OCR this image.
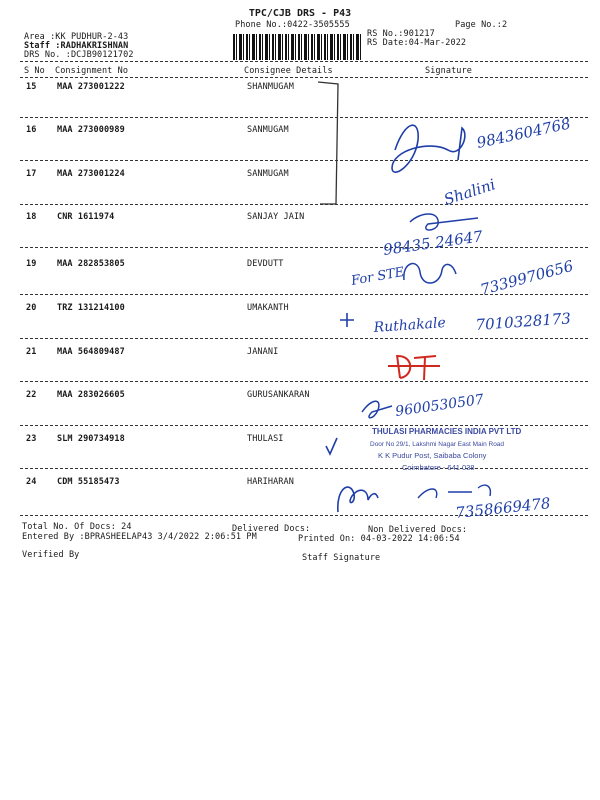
TPC/CJB DRS - P43
Phone No.:0422-3505555	Page No.:2
Area :KK PUDHUR-2-43
Staff :RADHAKRISHNAN
DRS No. :DCJB90121702
RS No.:901217
RS Date:04-Mar-2022
S No Consignment No	Consignee Details	Signature
15 MAA 273001222	SHANMUGAM
16 MAA 273000989	SANMUGAM
17 MAA 273001224	SANMUGAM
18 CNR 1611974	SANJAY JAIN
19 MAA 282853805	DEVDUTT
20 TRZ 131214100	UMAKANTH
21 MAA 564809487	JANANI
22 MAA 283026605	GURUSANKARAN
23 SLM 290734918	THULASI
24 CDM 55185473	HARIHARAN
Total No. Of Docs: 24	Delivered Docs:	Non Delivered Docs:
Entered By :BPRASHEELAP43 3/4/2022 2:06:51 PM	Printed On: 04-03-2022 14:06:54
Verified By	Staff Signature
9843604768
Shalini
98435 24647
For STE	7339970656
Ruthakale 7010328173
9600530507
THULASI PHARMACIES INDIA PVT LTD
Door No 29/1, Lakshmi Nagar East Main Road
K K Pudur Post, Saibaba Colony
Coimbatore - 641 038
7358669478
